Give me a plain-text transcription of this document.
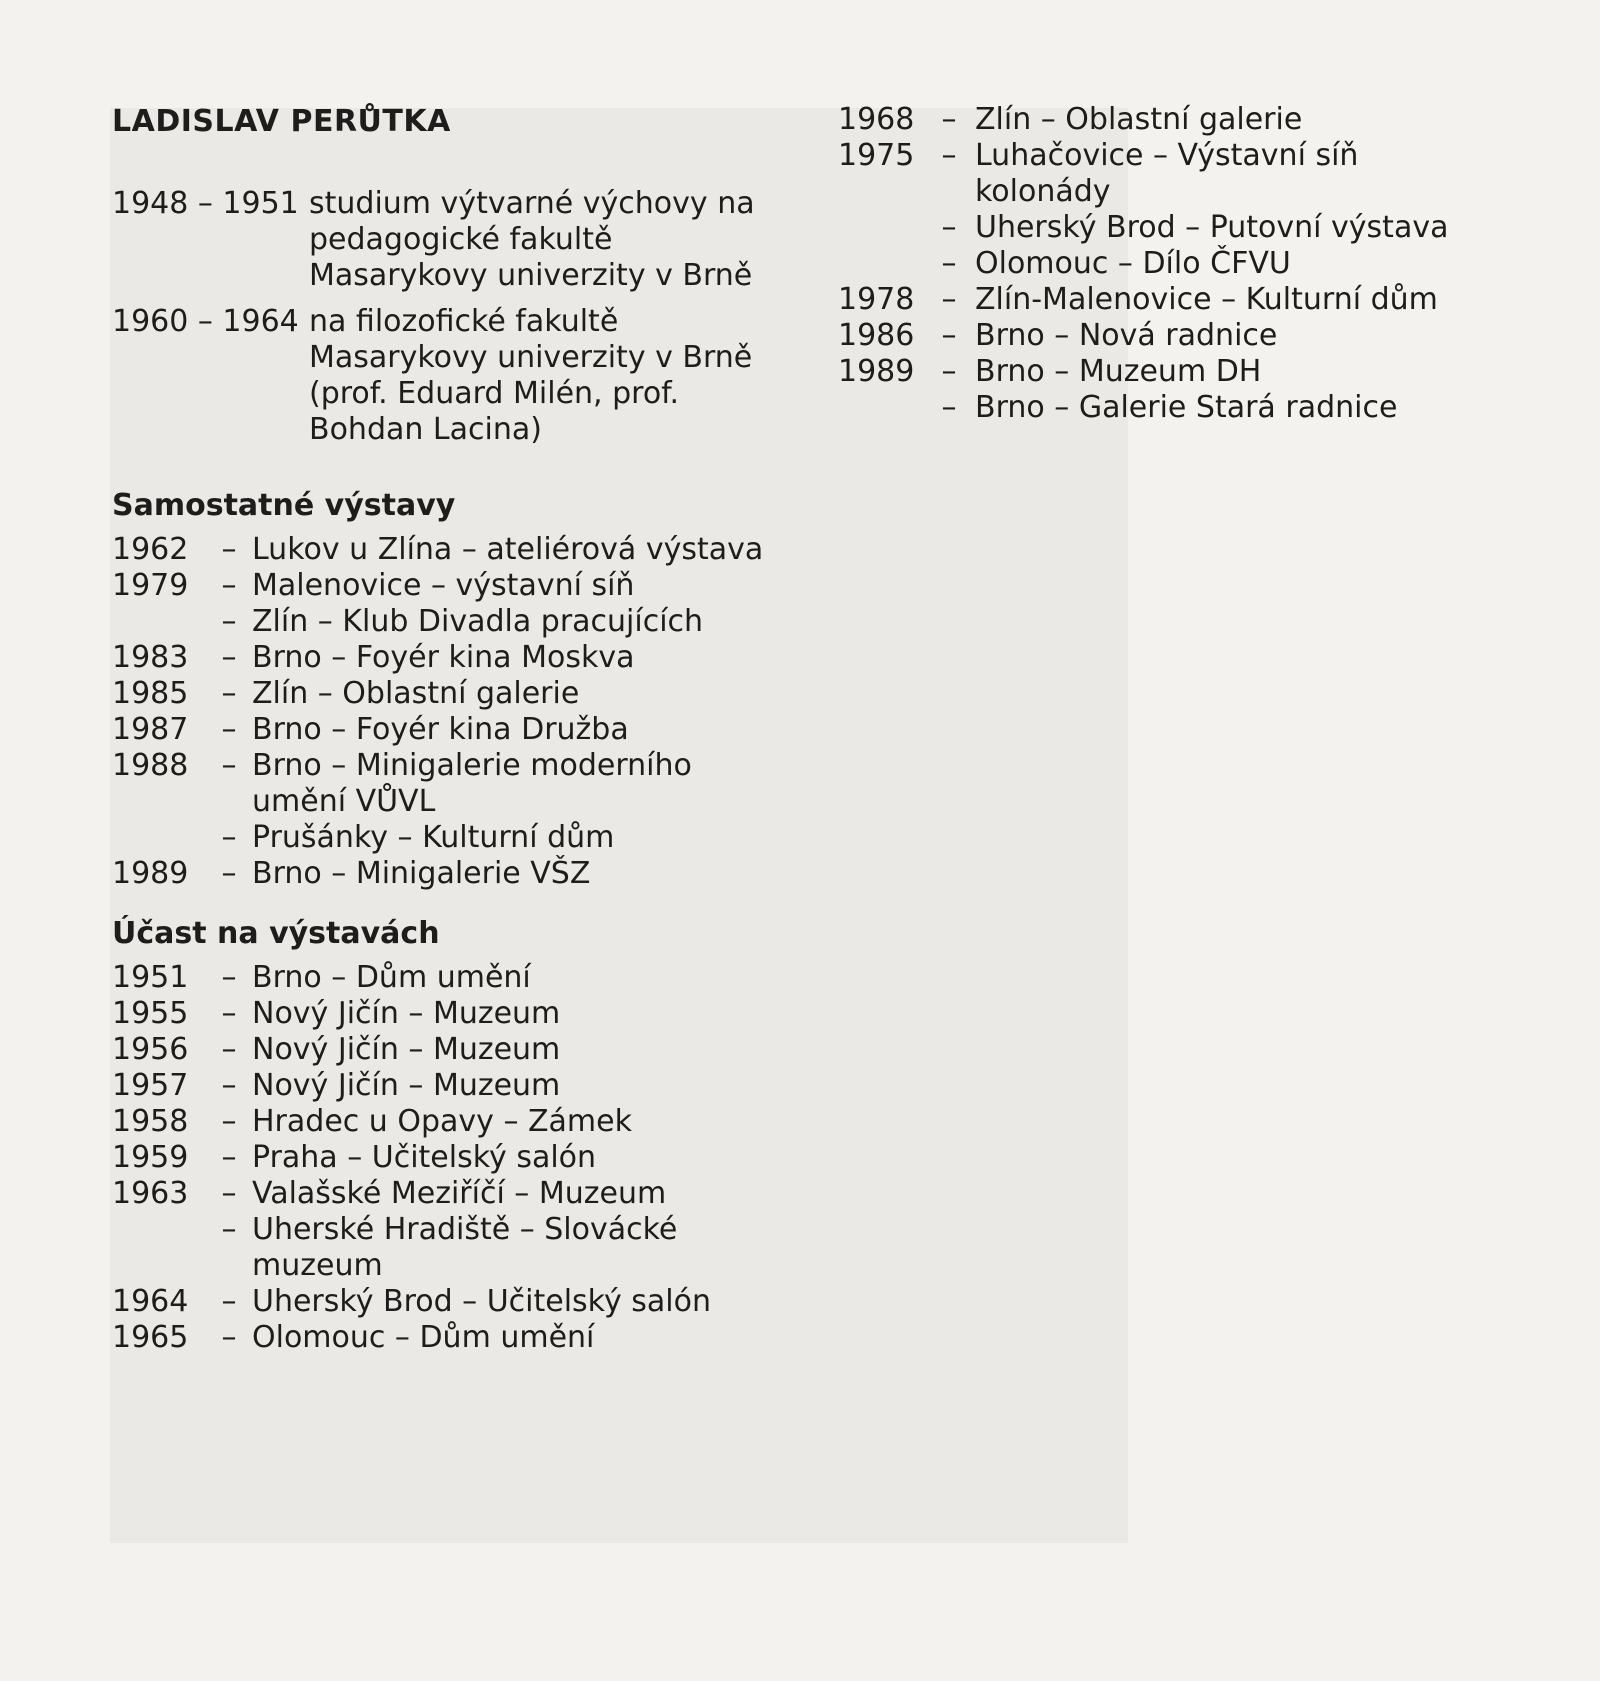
LADISLAV PERŮTKA
1948 – 1951 studium výtvarné výchovy na pedagogické fakultě Masarykovy univerzity v Brně
1960 – 1964 na filozofické fakultě Masarykovy univerzity v Brně (prof. Eduard Milén, prof. Bohdan Lacina)
Samostatné výstavy
1962	– Lukov u Zlína – ateliérová výstava
1979	– Malenovice – výstavní síň
– Zlín – Klub Divadla pracujících
1983	– Brno – Foyér kina Moskva
1985	– Zlín – Oblastní galerie
1987	– Brno – Foyér kina Družba
1988	– Brno – Minigalerie moderního umění VŮVL
– Prušánky – Kulturní dům
1989	– Brno – Minigalerie VŠZ
Účast na výstavách
1951	– Brno – Dům umění
1955	– Nový Jičín – Muzeum
1956	– Nový Jičín – Muzeum
1957	– Nový Jičín – Muzeum
1958	– Hradec u Opavy – Zámek
1959	– Praha – Učitelský salón
1963	– Valašské Meziříčí – Muzeum
– Uherské Hradiště – Slovácké muzeum
1964	– Uherský Brod – Učitelský salón
1965	– Olomouc – Dům umění
1968 – Zlín – Oblastní galerie
1975 – Luhačovice – Výstavní síň kolonády
– Uherský Brod – Putovní výstava
– Olomouc – Dílo ČFVU
1978 – Zlín-Malenovice – Kulturní dům
1986 – Brno – Nová radnice
1989 – Brno – Muzeum DH
– Brno – Galerie Stará radnice
